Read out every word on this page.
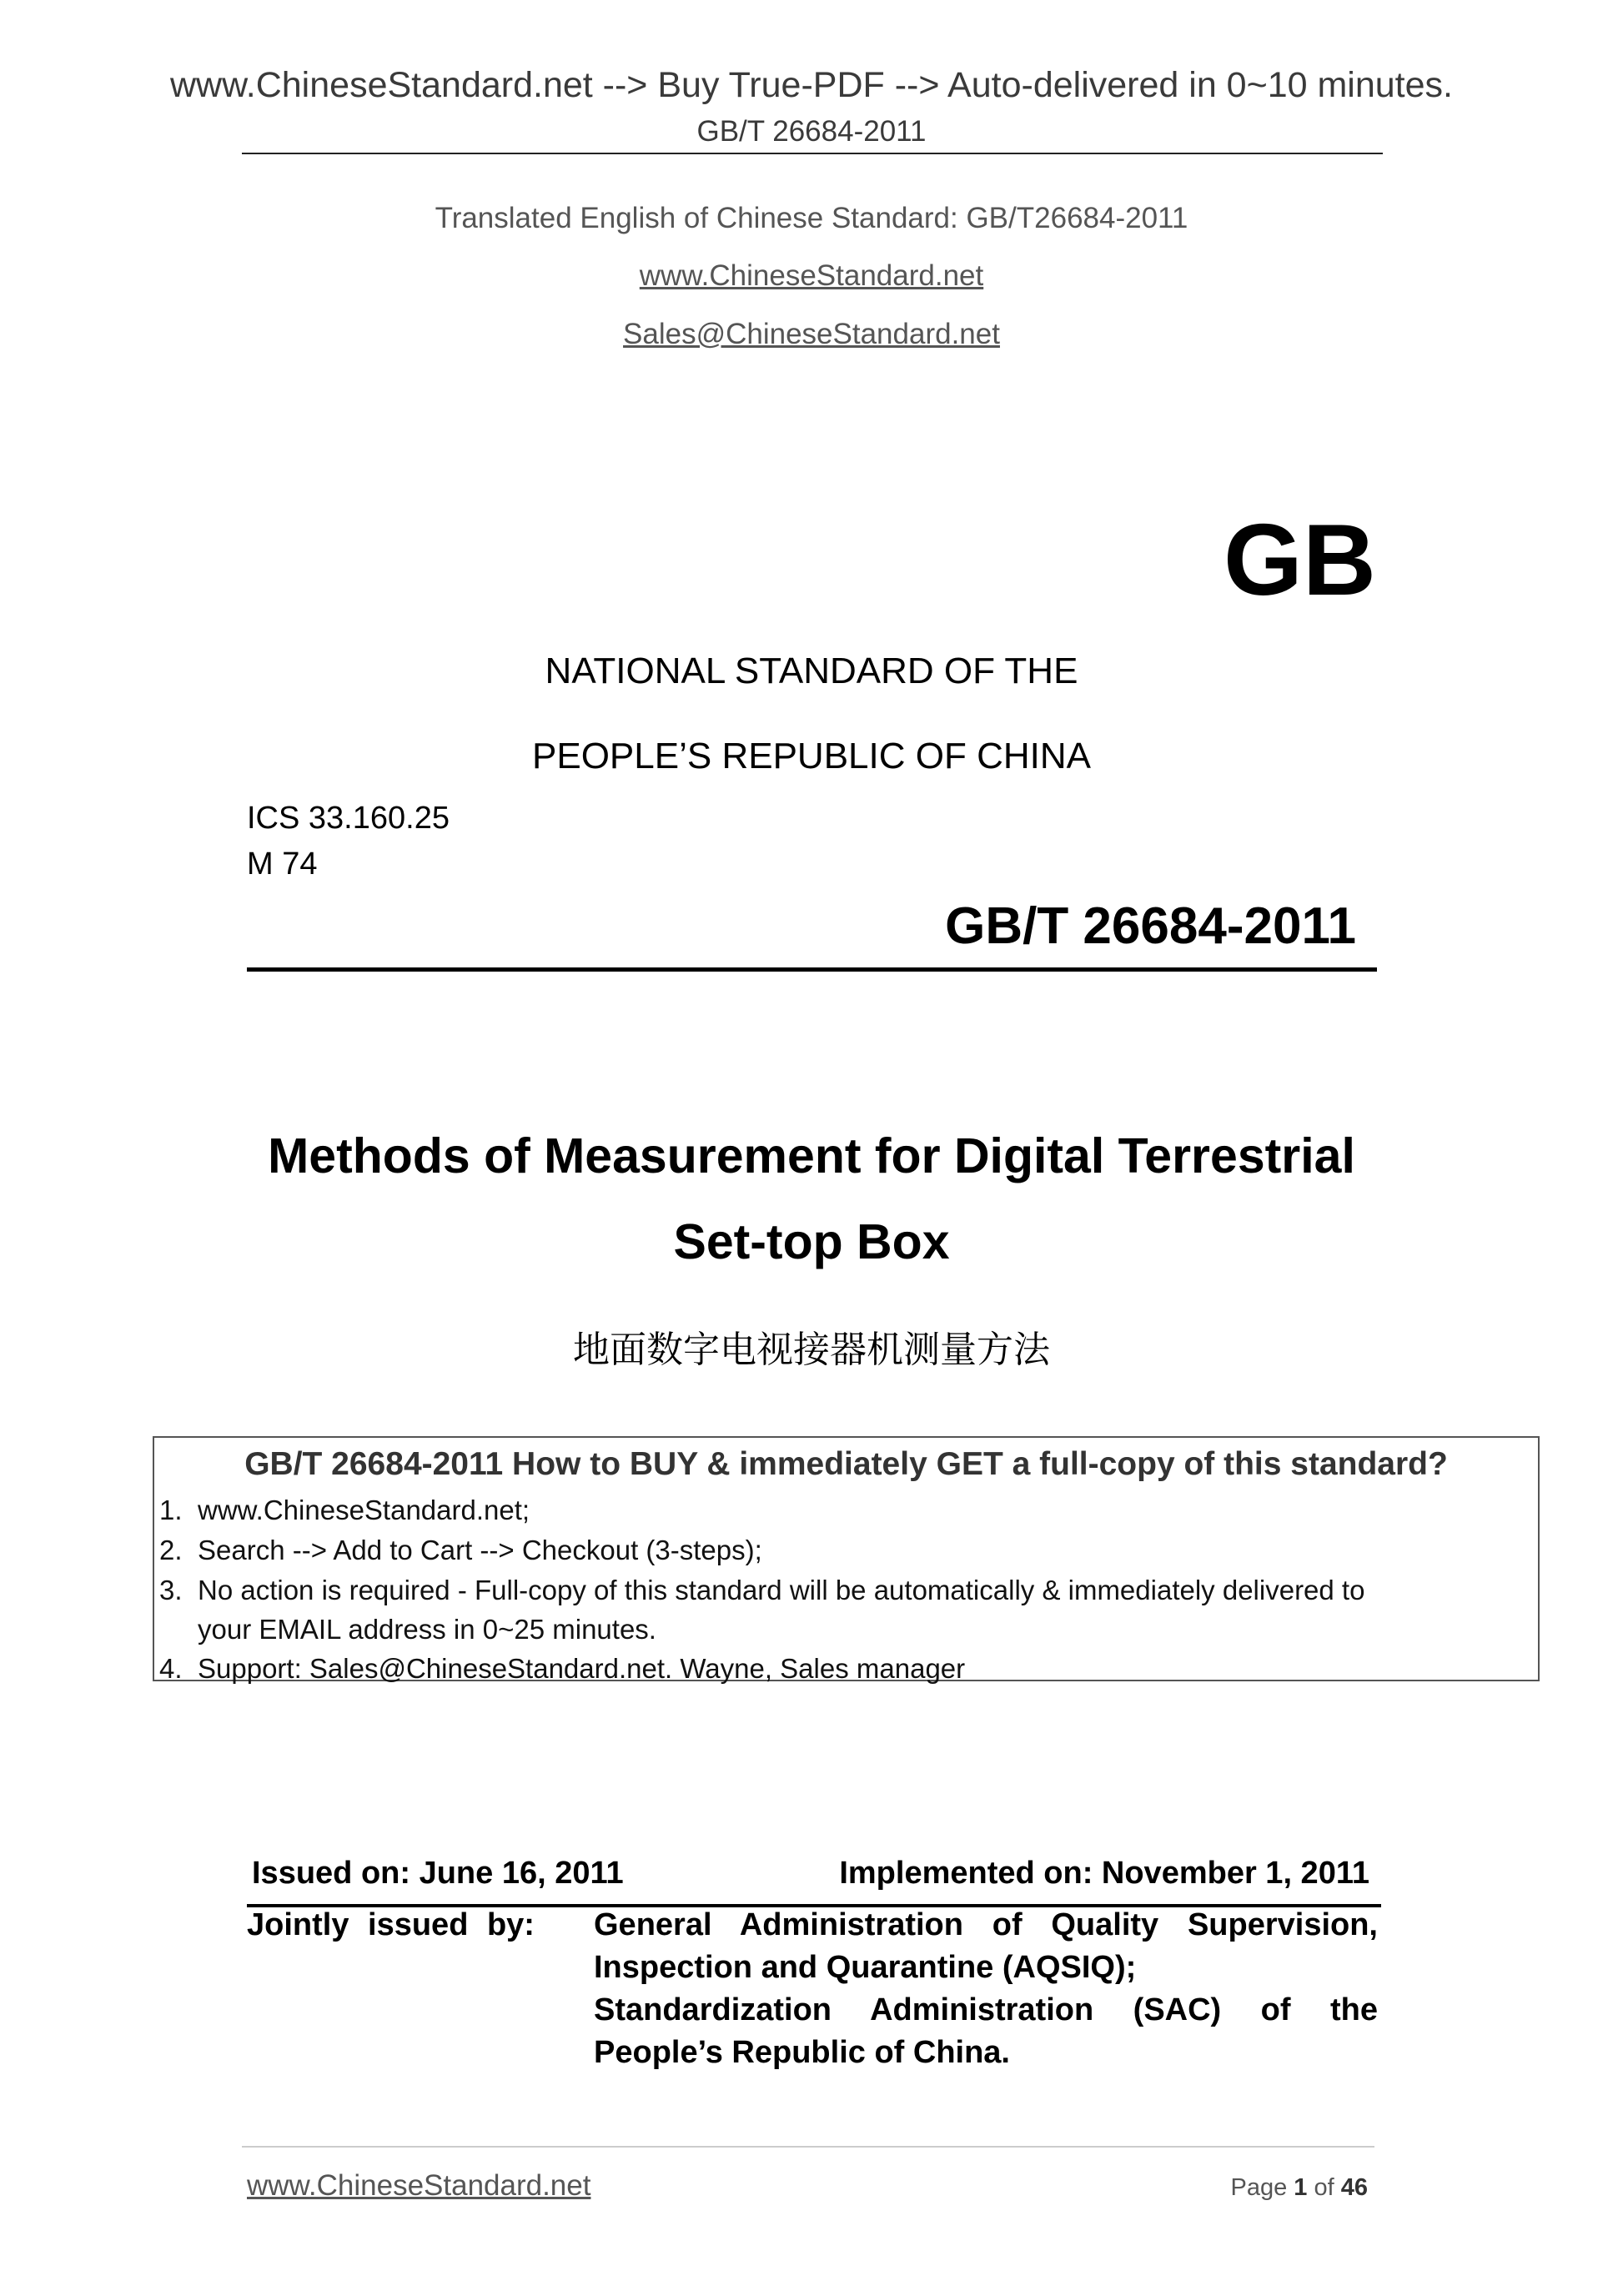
www.ChineseStandard.net --> Buy True-PDF --> Auto-delivered in 0~10 minutes.
GB/T 26684-2011
Translated English of Chinese Standard: GB/T26684-2011
www.ChineseStandard.net
Sales@ChineseStandard.net
GB
NATIONAL STANDARD OF THE
PEOPLE’S REPUBLIC OF CHINA
ICS 33.160.25
M 74
GB/T 26684-2011
Methods of Measurement for Digital Terrestrial
Set-top Box
地面数字电视接器机测量方法
GB/T 26684-2011 How to BUY & immediately GET a full-copy of this standard?
1. www.ChineseStandard.net;
2. Search --> Add to Cart --> Checkout (3-steps);
3. No action is required - Full-copy of this standard will be automatically & immediately delivered to
your EMAIL address in 0~25 minutes.
4. Support: Sales@ChineseStandard.net. Wayne, Sales manager
Issued on: June 16, 2011	Implemented on: November 1, 2011
Jointly issued by: General Administration of Quality Supervision,
Inspection and Quarantine (AQSIQ);
Standardization Administration (SAC) of the
People’s Republic of China.
www.ChineseStandard.net	Page 1 of 46
